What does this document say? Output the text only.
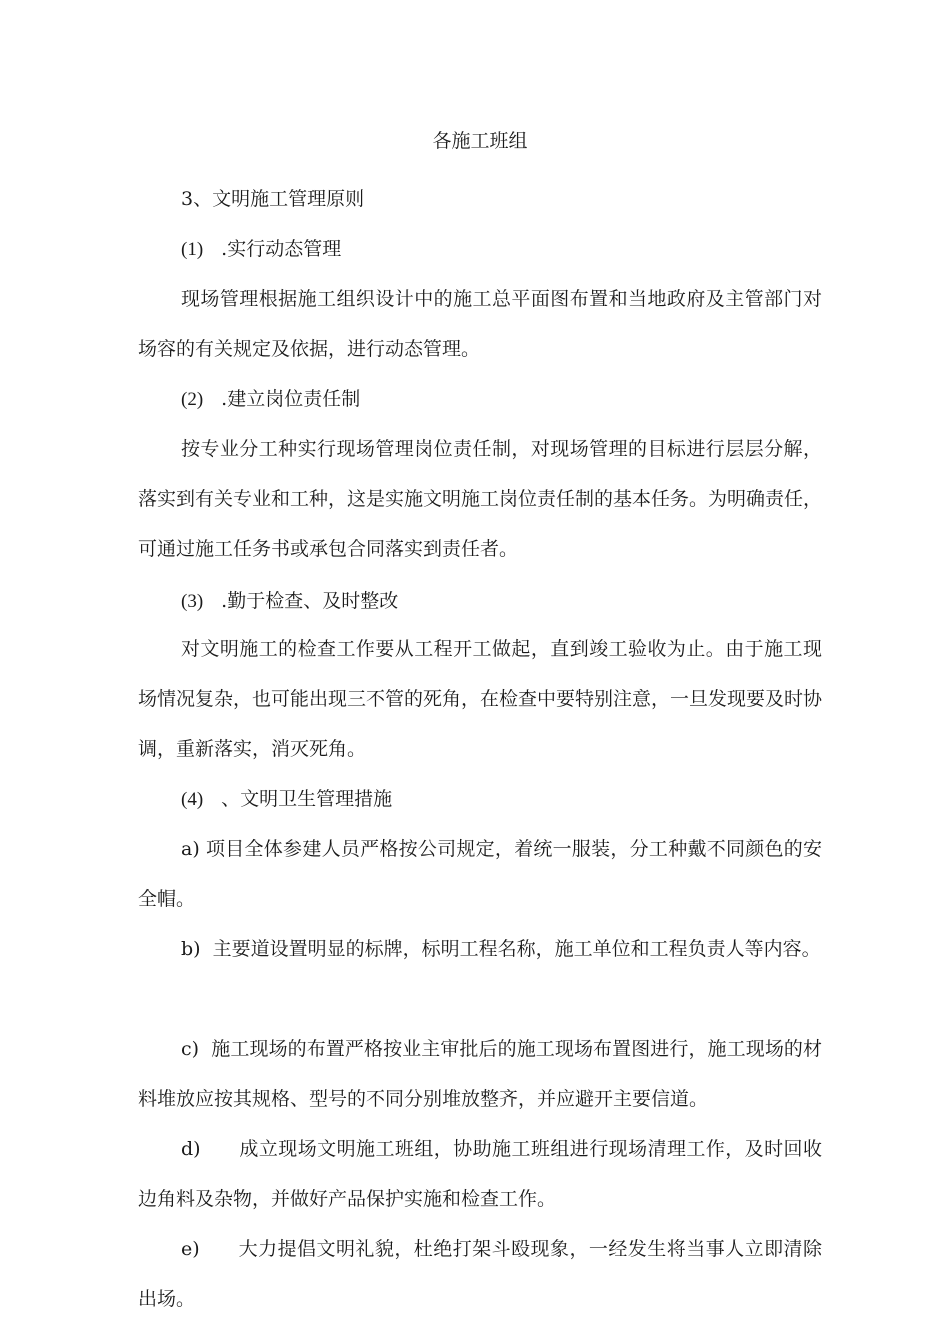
各施工班组
3、文明施工管理原则
(1) .实行动态管理

现场管理根据施工组织设计中的施工总平面图布置和当地政府及主管部门对场容的有关规定及依据，进行动态管理。

(2) .建立岗位责任制

按专业分工种实行现场管理岗位责任制，对现场管理的目标进行层层分解，落实到有关专业和工种，这是实施文明施工岗位责任制的基本任务。为明确责任，可通过施工任务书或承包合同落实到责任者。

(3) .勤于检查、及时整改

对文明施工的检查工作要从工程开工做起，直到竣工验收为止。由于施工现场情况复杂，也可能出现三不管的死角，在检查中要特别注意，一旦发现要及时协调，重新落实，消灭死角。

(4) 、文明卫生管理措施

a) 项目全体参建人员严格按公司规定，着统一服装，分工种戴不同颜色的安全帽。

b)  主要道设置明显的标牌，标明工程名称，施工单位和工程负责人等内容。

c)  施工现场的布置严格按业主审批后的施工现场布置图进行，施工现场的材料堆放应按其规格、型号的不同分别堆放整齐，并应避开主要信道。

d)      成立现场文明施工班组，协助施工班组进行现场清理工作，及时回收边角料及杂物，并做好产品保护实施和检查工作。

e)      大力提倡文明礼貌，杜绝打架斗殴现象，一经发生将当事人立即清除出场。
